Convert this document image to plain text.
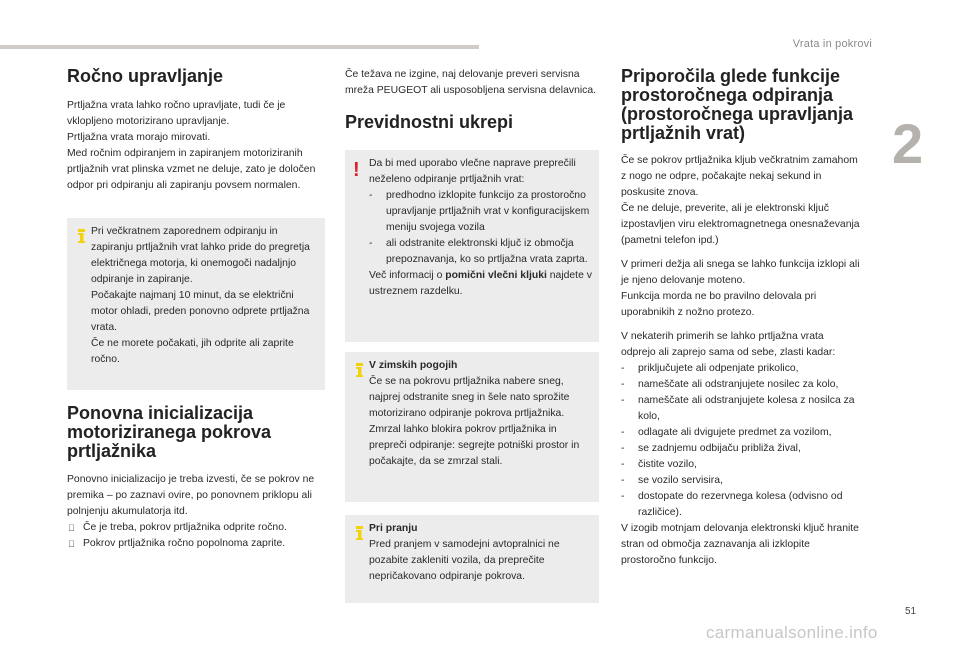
Vrata in pokrovi
2
Ročno upravljanje

Prtljažna vrata lahko ročno upravljate, tudi če je vklopljeno motorizirano upravljanje.
Prtljažna vrata morajo mirovati.
Med ročnim odpiranjem in zapiranjem motoriziranih prtljažnih vrat plinska vzmet ne deluje, zato je določen odpor pri odpiranju ali zapiranju povsem normalen.

Pri večkratnem zaporednem odpiranju in zapiranju prtljažnih vrat lahko pride do pregretja električnega motorja, ki onemogoči nadaljnjo odpiranje in zapiranje.
Počakajte najmanj 10 minut, da se električni motor ohladi, preden ponovno odprete prtljažna vrata.
Če ne morete počakati, jih odprite ali zaprite ročno.

Ponovna inicializacija motoriziranega pokrova prtljažnika

Ponovno inicializacijo je treba izvesti, če se pokrov ne premika – po zaznavi ovire, po ponovnem priklopu ali polnjenju akumulatorja itd.

Če je treba, pokrov prtljažnika odprite ročno.
Pokrov prtljažnika ročno popolnoma zaprite.

Če težava ne izgine, naj delovanje preveri servisna mreža PEUGEOT ali usposobljena servisna delavnica.

Previdnostni ukrepi
! Da bi med uporabo vlečne naprave preprečili neželeno odpiranje prtljažnih vrat:

- predhodno izklopite funkcijo za prostoročno upravljanje prtljažnih vrat v konfiguracijskem meniju svojega vozila
- ali odstranite elektronski ključ iz območja prepoznavanja, ko so prtljažna vrata zaprta.

Več informacij o pomični vlečni kljuki najdete v ustreznem razdelku.

V zimskih pogojih

Če se na pokrovu prtljažnika nabere sneg, najprej odstranite sneg in šele nato sprožite motorizirano odpiranje pokrova prtljažnika.
Zmrzal lahko blokira pokrov prtljažnika in prepreči odpiranje: segrejte potniški prostor in počakajte, da se zmrzal stali.

Pri pranju

Pred pranjem v samodejni avtopralnici ne pozabite zakleniti vozila, da preprečite nepričakovano odpiranje pokrova.

Priporočila glede funkcije prostoročnega odpiranja (prostoročnega upravljanja prtljažnih vrat)

Če se pokrov prtljažnika kljub večkratnim zamahom z nogo ne odpre, počakajte nekaj sekund in poskusite znova.
Če ne deluje, preverite, ali je elektronski ključ izpostavljen viru elektromagnetnega onesnaževanja (pametni telefon ipd.)

V primeri dežja ali snega se lahko funkcija izklopi ali je njeno delovanje moteno.
Funkcija morda ne bo pravilno delovala pri uporabnikih z nožno protezo.

V nekaterih primerih se lahko prtljažna vrata odprejo ali zaprejo sama od sebe, zlasti kadar:

- priključujete ali odpenjate prikolico,
- nameščate ali odstranjujete nosilec za kolo,
- nameščate ali odstranjujete kolesa z nosilca za kolo,
- odlagate ali dvigujete predmet za vozilom,
- se zadnjemu odbijaču približa žival,
- čistite vozilo,
- se vozilo servisira,
- dostopate do rezervnega kolesa (odvisno od različice).

V izogib motnjam delovanja elektronski ključ hranite stran od območja zaznavanja ali izklopite prostoročno funkcijo.

51
carmanualsonline.info
